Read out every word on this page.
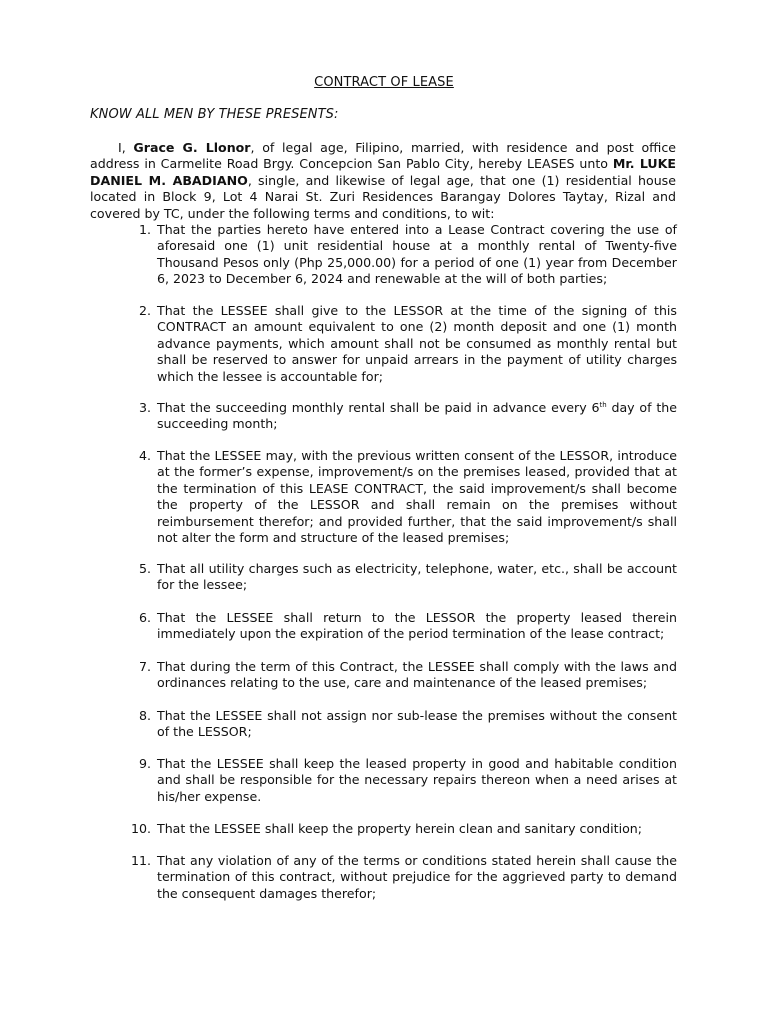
CONTRACT OF LEASE
KNOW ALL MEN BY THESE PRESENTS:
I, Grace G. Llonor, of legal age, Filipino, married, with residence and post office address in Carmelite Road Brgy. Concepcion San Pablo City, hereby LEASES unto Mr. LUKE DANIEL M. ABADIANO, single, and likewise of legal age, that one (1) residential house located in Block 9, Lot 4 Narai St. Zuri Residences Barangay Dolores Taytay, Rizal and covered by TC, under the following terms and conditions, to wit:
1. That the parties hereto have entered into a Lease Contract covering the use of aforesaid one (1) unit residential house at a monthly rental of Twenty-five Thousand Pesos only (Php 25,000.00) for a period of one (1) year from December 6, 2023 to December 6, 2024 and renewable at the will of both parties;
2. That the LESSEE shall give to the LESSOR at the time of the signing of this CONTRACT an amount equivalent to one (2) month deposit and one (1) month advance payments, which amount shall not be consumed as monthly rental but shall be reserved to answer for unpaid arrears in the payment of utility charges which the lessee is accountable for;
3. That the succeeding monthly rental shall be paid in advance every 6th day of the succeeding month;
4. That the LESSEE may, with the previous written consent of the LESSOR, introduce at the former’s expense, improvement/s on the premises leased, provided that at the termination of this LEASE CONTRACT, the said improvement/s shall become the property of the LESSOR and shall remain on the premises without reimbursement therefor; and provided further, that the said improvement/s shall not alter the form and structure of the leased premises;
5. That all utility charges such as electricity, telephone, water, etc., shall be account for the lessee;
6. That the LESSEE shall return to the LESSOR the property leased therein immediately upon the expiration of the period termination of the lease contract;
7. That during the term of this Contract, the LESSEE shall comply with the laws and ordinances relating to the use, care and maintenance of the leased premises;
8. That the LESSEE shall not assign nor sub-lease the premises without the consent of the LESSOR;
9. That the LESSEE shall keep the leased property in good and habitable condition and shall be responsible for the necessary repairs thereon when a need arises at his/her expense.
10. That the LESSEE shall keep the property herein clean and sanitary condition;
11. That any violation of any of the terms or conditions stated herein shall cause the termination of this contract, without prejudice for the aggrieved party to demand the consequent damages therefor;
